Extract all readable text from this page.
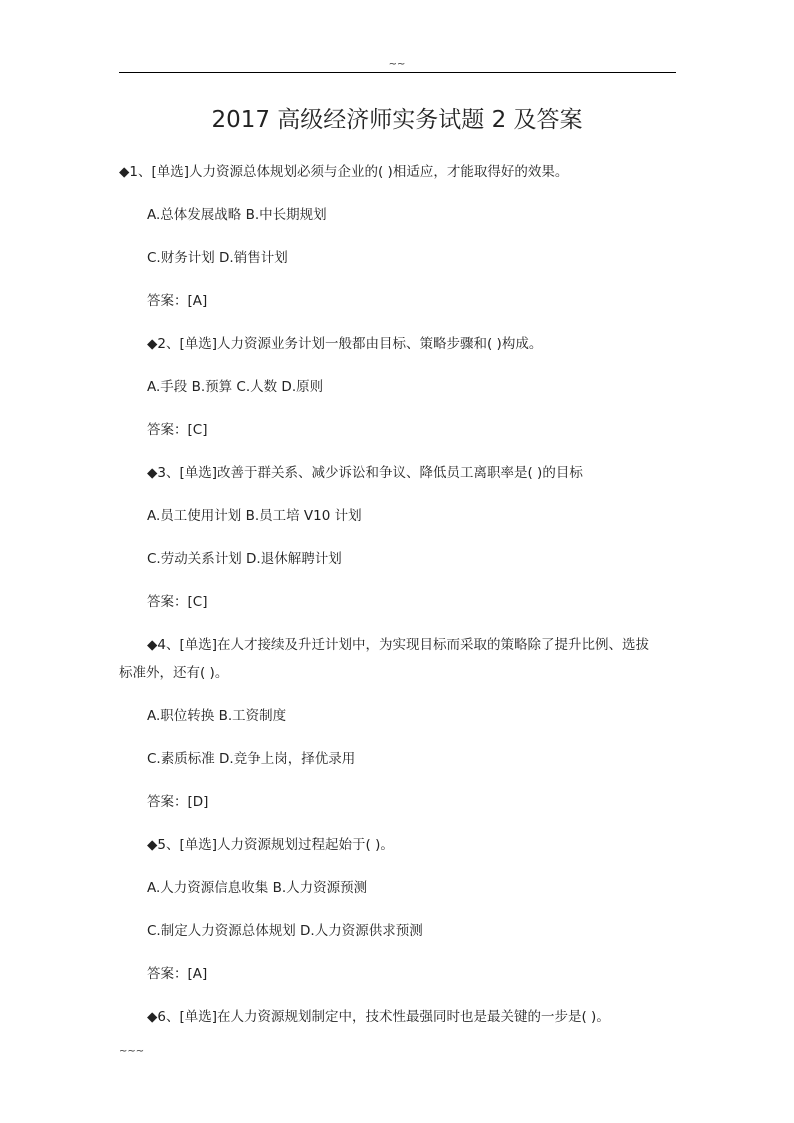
~~
2017 高级经济师实务试题 2 及答案
◆1、[单选]人力资源总体规划必须与企业的( )相适应，才能取得好的效果。
A.总体发展战略 B.中长期规划
C.财务计划 D.销售计划
答案：[A]
◆2、[单选]人力资源业务计划一般都由目标、策略步骤和( )构成。
A.手段 B.预算 C.人数 D.原则
答案：[C]
◆3、[单选]改善于群关系、减少诉讼和争议、降低员工离职率是( )的目标
A.员工使用计划 B.员工培 V10 计划
C.劳动关系计划 D.退休解聘计划
答案：[C]
◆4、[单选]在人才接续及升迁计划中，为实现目标而采取的策略除了提升比例、选拔
标准外，还有( )。
A.职位转换 B.工资制度
C.素质标准 D.竞争上岗，择优录用
答案：[D]
◆5、[单选]人力资源规划过程起始于( )。
A.人力资源信息收集 B.人力资源预测
C.制定人力资源总体规划 D.人力资源供求预测
答案：[A]
◆6、[单选]在人力资源规划制定中，技术性最强同时也是最关键的一步是( )。
~~~
